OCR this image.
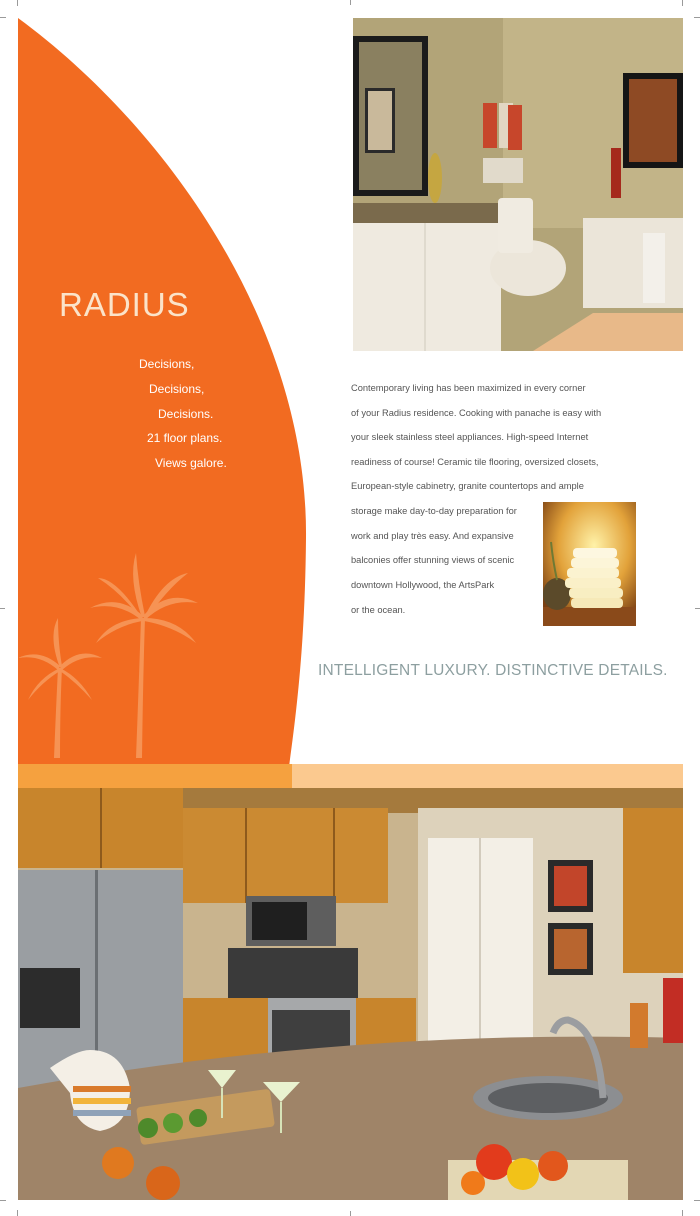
RADIUS
Decisions,
Decisions,
Decisions.
21 floor plans.
Views galore.
Contemporary living has been maximized in every corner
of your Radius residence. Cooking with panache is easy with
your sleek stainless steel appliances. High-speed Internet
readiness of course! Ceramic tile flooring, oversized closets,
European-style cabinetry, granite countertops and ample
storage make day-to-day preparation for
work and play très easy. And expansive
balconies offer stunning views of scenic
downtown Hollywood, the ArtsPark
or the ocean.
INTELLIGENT LUXURY. DISTINCTIVE DETAILS.
